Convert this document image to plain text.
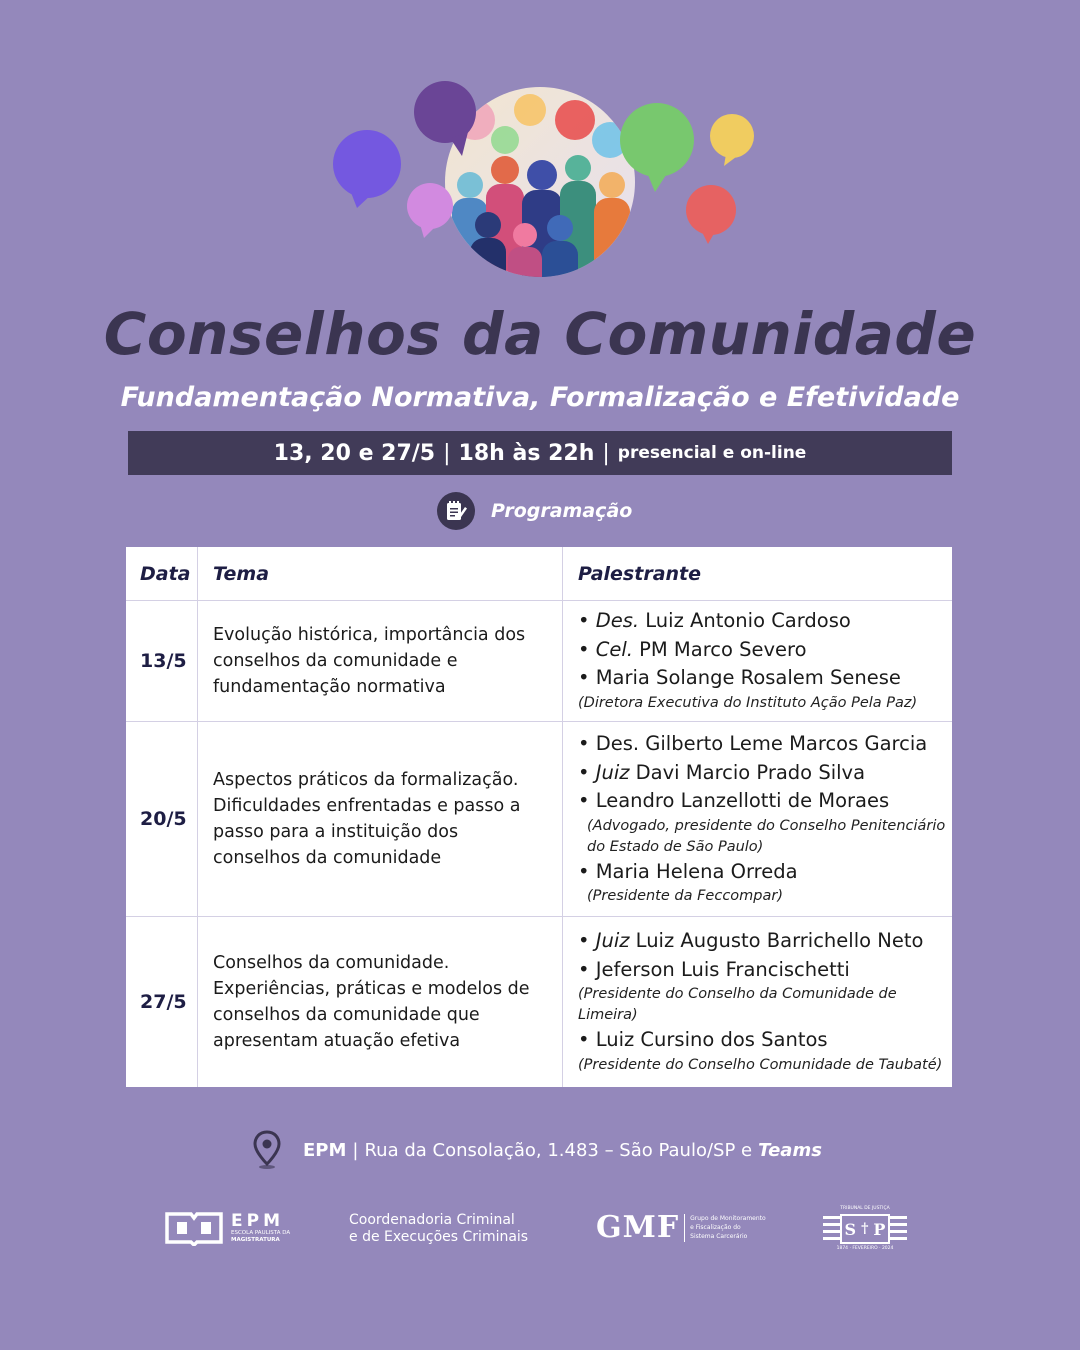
Conselhos da Comunidade
Fundamentação Normativa, Formalização e Efetividade
13, 20 e 27/5 | 18h às 22h | presencial e on-line
Programação
Data	Tema	Palestrante
13/5
Evolução histórica, importância dos conselhos da comunidade e fundamentação normativa
• Des. Luiz Antonio Cardoso
• Cel. PM Marco Severo
• Maria Solange Rosalem Senese
(Diretora Executiva do Instituto Ação Pela Paz)
20/5
Aspectos práticos da formalização. Dificuldades enfrentadas e passo a passo para a instituição dos conselhos da comunidade
• Des. Gilberto Leme Marcos Garcia
• Juiz Davi Marcio Prado Silva
• Leandro Lanzellotti de Moraes
(Advogado, presidente do Conselho Penitenciário do Estado de São Paulo)
• Maria Helena Orreda
(Presidente da Feccompar)
27/5
Conselhos da comunidade. Experiências, práticas e modelos de conselhos da comunidade que apresentam atuação efetiva
• Juiz Luiz Augusto Barrichello Neto
• Jeferson Luis Francischetti
(Presidente do Conselho da Comunidade de Limeira)
• Luiz Cursino dos Santos
(Presidente do Conselho Comunidade de Taubaté)
EPM | Rua da Consolação, 1.483 – São Paulo/SP e Teams
EPM
ESCOLA PAULISTA DA
MAGISTRATURA
Coordenadoria Criminal
e de Execuções Criminais GMF Grupo de Monitoramento
e Fiscalização do
Sistema Carcerário
TRIBUNAL DE JUSTIÇA
S † P
1874 · FEVEREIRO · 2024
